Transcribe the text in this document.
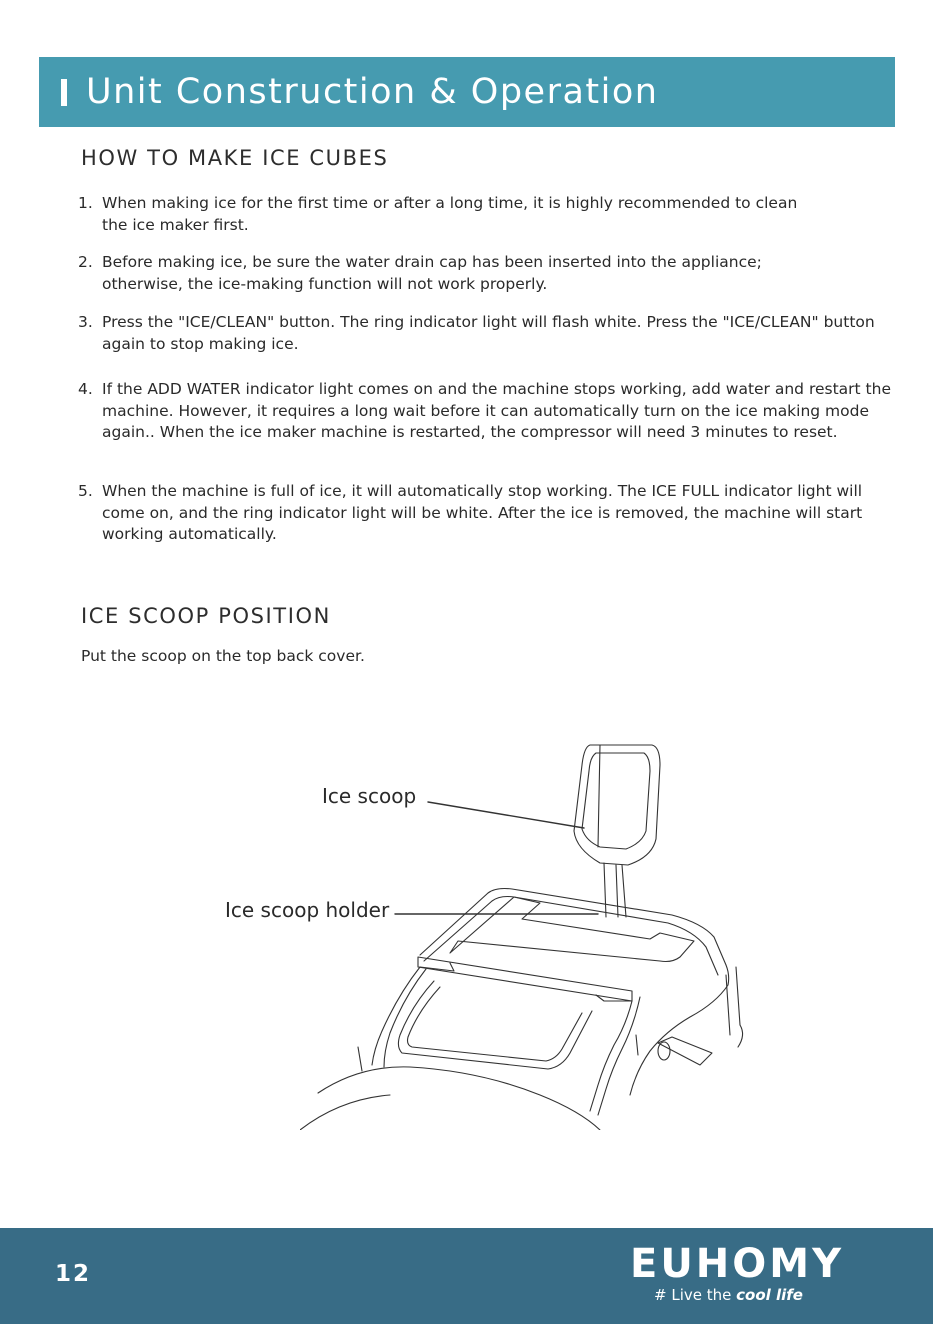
Unit Construction & Operation
HOW TO MAKE ICE CUBES
1. When making ice for the first time or after a long time, it is highly recommended to clean the ice maker first.
2. Before making ice, be sure the water drain cap has been inserted into the appliance; otherwise, the ice-making function will not work properly.
3. Press the "ICE/CLEAN" button. The ring indicator light will flash white. Press the "ICE/CLEAN" button again to stop making ice.
4. If the ADD WATER indicator light comes on and the machine stops working, add water and restart the machine. However, it requires a long wait before it can automatically turn on the ice making mode again.. When the ice maker machine is restarted, the compressor will need 3 minutes to reset.
5. When the machine is full of ice, it will automatically stop working. The ICE FULL indicator light will come on, and the ring indicator light will be white. After the ice is removed, the machine will start working automatically.
ICE SCOOP POSITION
Put the scoop on the top back cover.
Ice scoop
Ice scoop holder
12	EUHOMY
# Live the cool life
